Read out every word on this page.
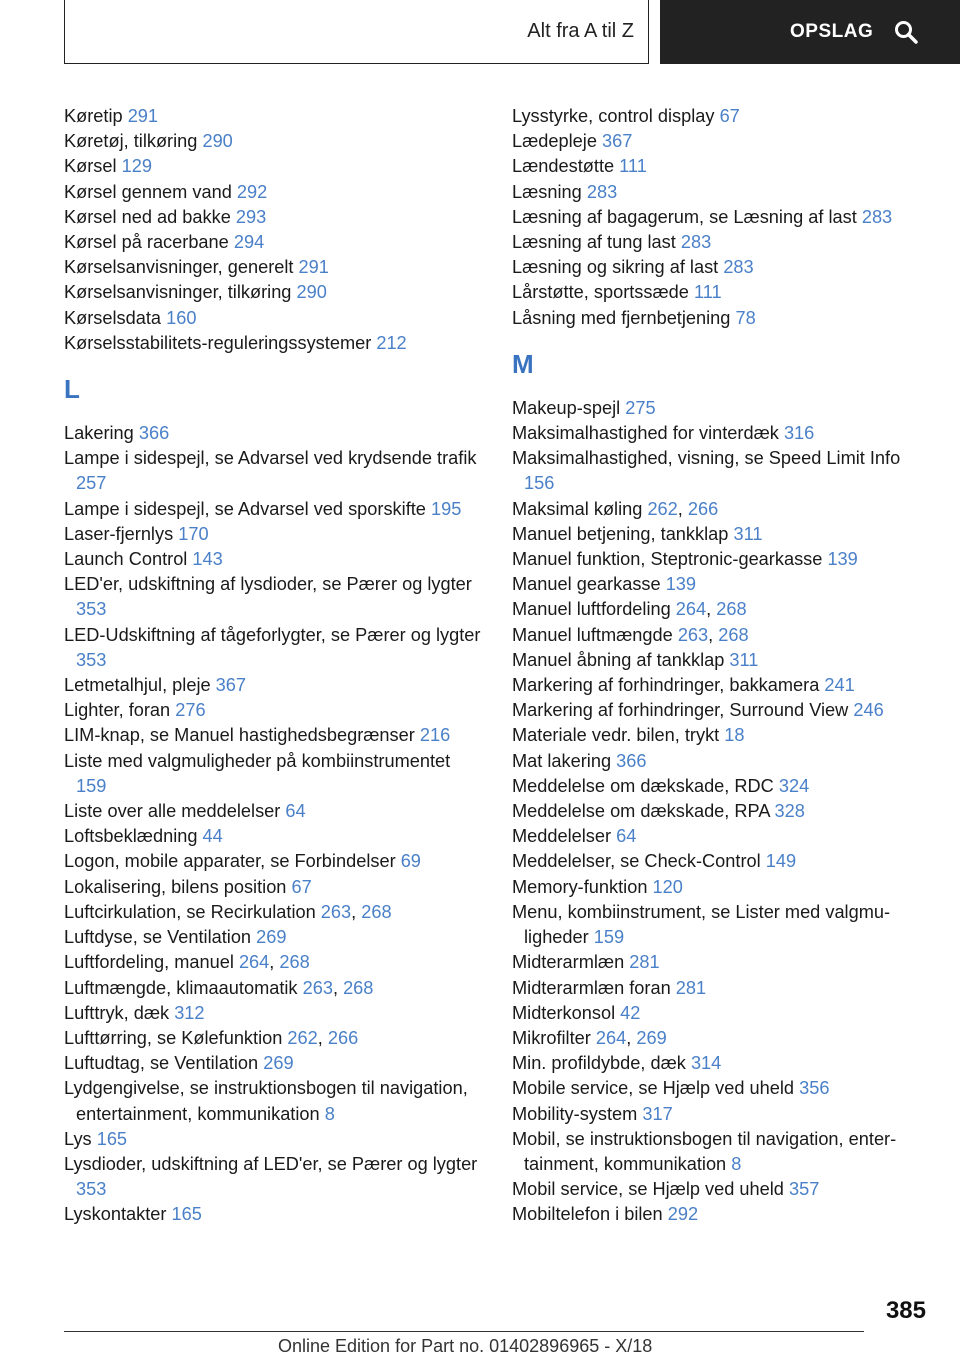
Alt fra A til Z	OPSLAG
Køretip 291
Køretøj, tilkøring 290
Kørsel 129
Kørsel gennem vand 292
Kørsel ned ad bakke 293
Kørsel på racerbane 294
Kørselsanvisninger, generelt 291
Kørselsanvisninger, tilkøring 290
Kørselsdata 160
Kørselsstabilitets-reguleringssystemer 212
L
Lakering 366
Lampe i sidespejl, se Advarsel ved krydsende trafik 257
Lampe i sidespejl, se Advarsel ved sporskifte 195
Laser-fjernlys 170
Launch Control 143
LED'er, udskiftning af lysdioder, se Pærer og lygter 353
LED-Udskiftning af tågeforlygter, se Pærer og lygter 353
Letmetalhjul, pleje 367
Lighter, foran 276
LIM-knap, se Manuel hastighedsbegrænser 216
Liste med valgmuligheder på kombiinstrumentet 159
Liste over alle meddelelser 64
Loftsbeklædning 44
Logon, mobile apparater, se Forbindelser 69
Lokalisering, bilens position 67
Luftcirkulation, se Recirkulation 263, 268
Luftdyse, se Ventilation 269
Luftfordeling, manuel 264, 268
Luftmængde, klimaautomatik 263, 268
Lufttryk, dæk 312
Lufttørring, se Kølefunktion 262, 266
Luftudtag, se Ventilation 269
Lydgengivelse, se instruktionsbogen til navigation, entertainment, kommunikation 8
Lys 165
Lysdioder, udskiftning af LED'er, se Pærer og lygter 353
Lyskontakter 165
Lysstyrke, control display 67
Lædepleje 367
Lændestøtte 111
Læsning 283
Læsning af bagagerum, se Læsning af last 283
Læsning af tung last 283
Læsning og sikring af last 283
Lårstøtte, sportssæde 111
Låsning med fjernbetjening 78
M
Makeup-spejl 275
Maksimalhastighed for vinterdæk 316
Maksimalhastighed, visning, se Speed Limit Info 156
Maksimal køling 262, 266
Manuel betjening, tankklap 311
Manuel funktion, Steptronic-gearkasse 139
Manuel gearkasse 139
Manuel luftfordeling 264, 268
Manuel luftmængde 263, 268
Manuel åbning af tankklap 311
Markering af forhindringer, bakkamera 241
Markering af forhindringer, Surround View 246
Materiale vedr. bilen, trykt 18
Mat lakering 366
Meddelelse om dækskade, RDC 324
Meddelelse om dækskade, RPA 328
Meddelelser 64
Meddelelser, se Check-Control 149
Memory-funktion 120
Menu, kombiinstrument, se Lister med valgmuligheder 159
Midterarmlæn 281
Midterarmlæn foran 281
Midterkonsol 42
Mikrofilter 264, 269
Min. profildybde, dæk 314
Mobile service, se Hjælp ved uheld 356
Mobility-system 317
Mobil, se instruktionsbogen til navigation, entertainment, kommunikation 8
Mobil service, se Hjælp ved uheld 357
Mobiltelefon i bilen 292
385
Online Edition for Part no. 01402896965 - X/18
